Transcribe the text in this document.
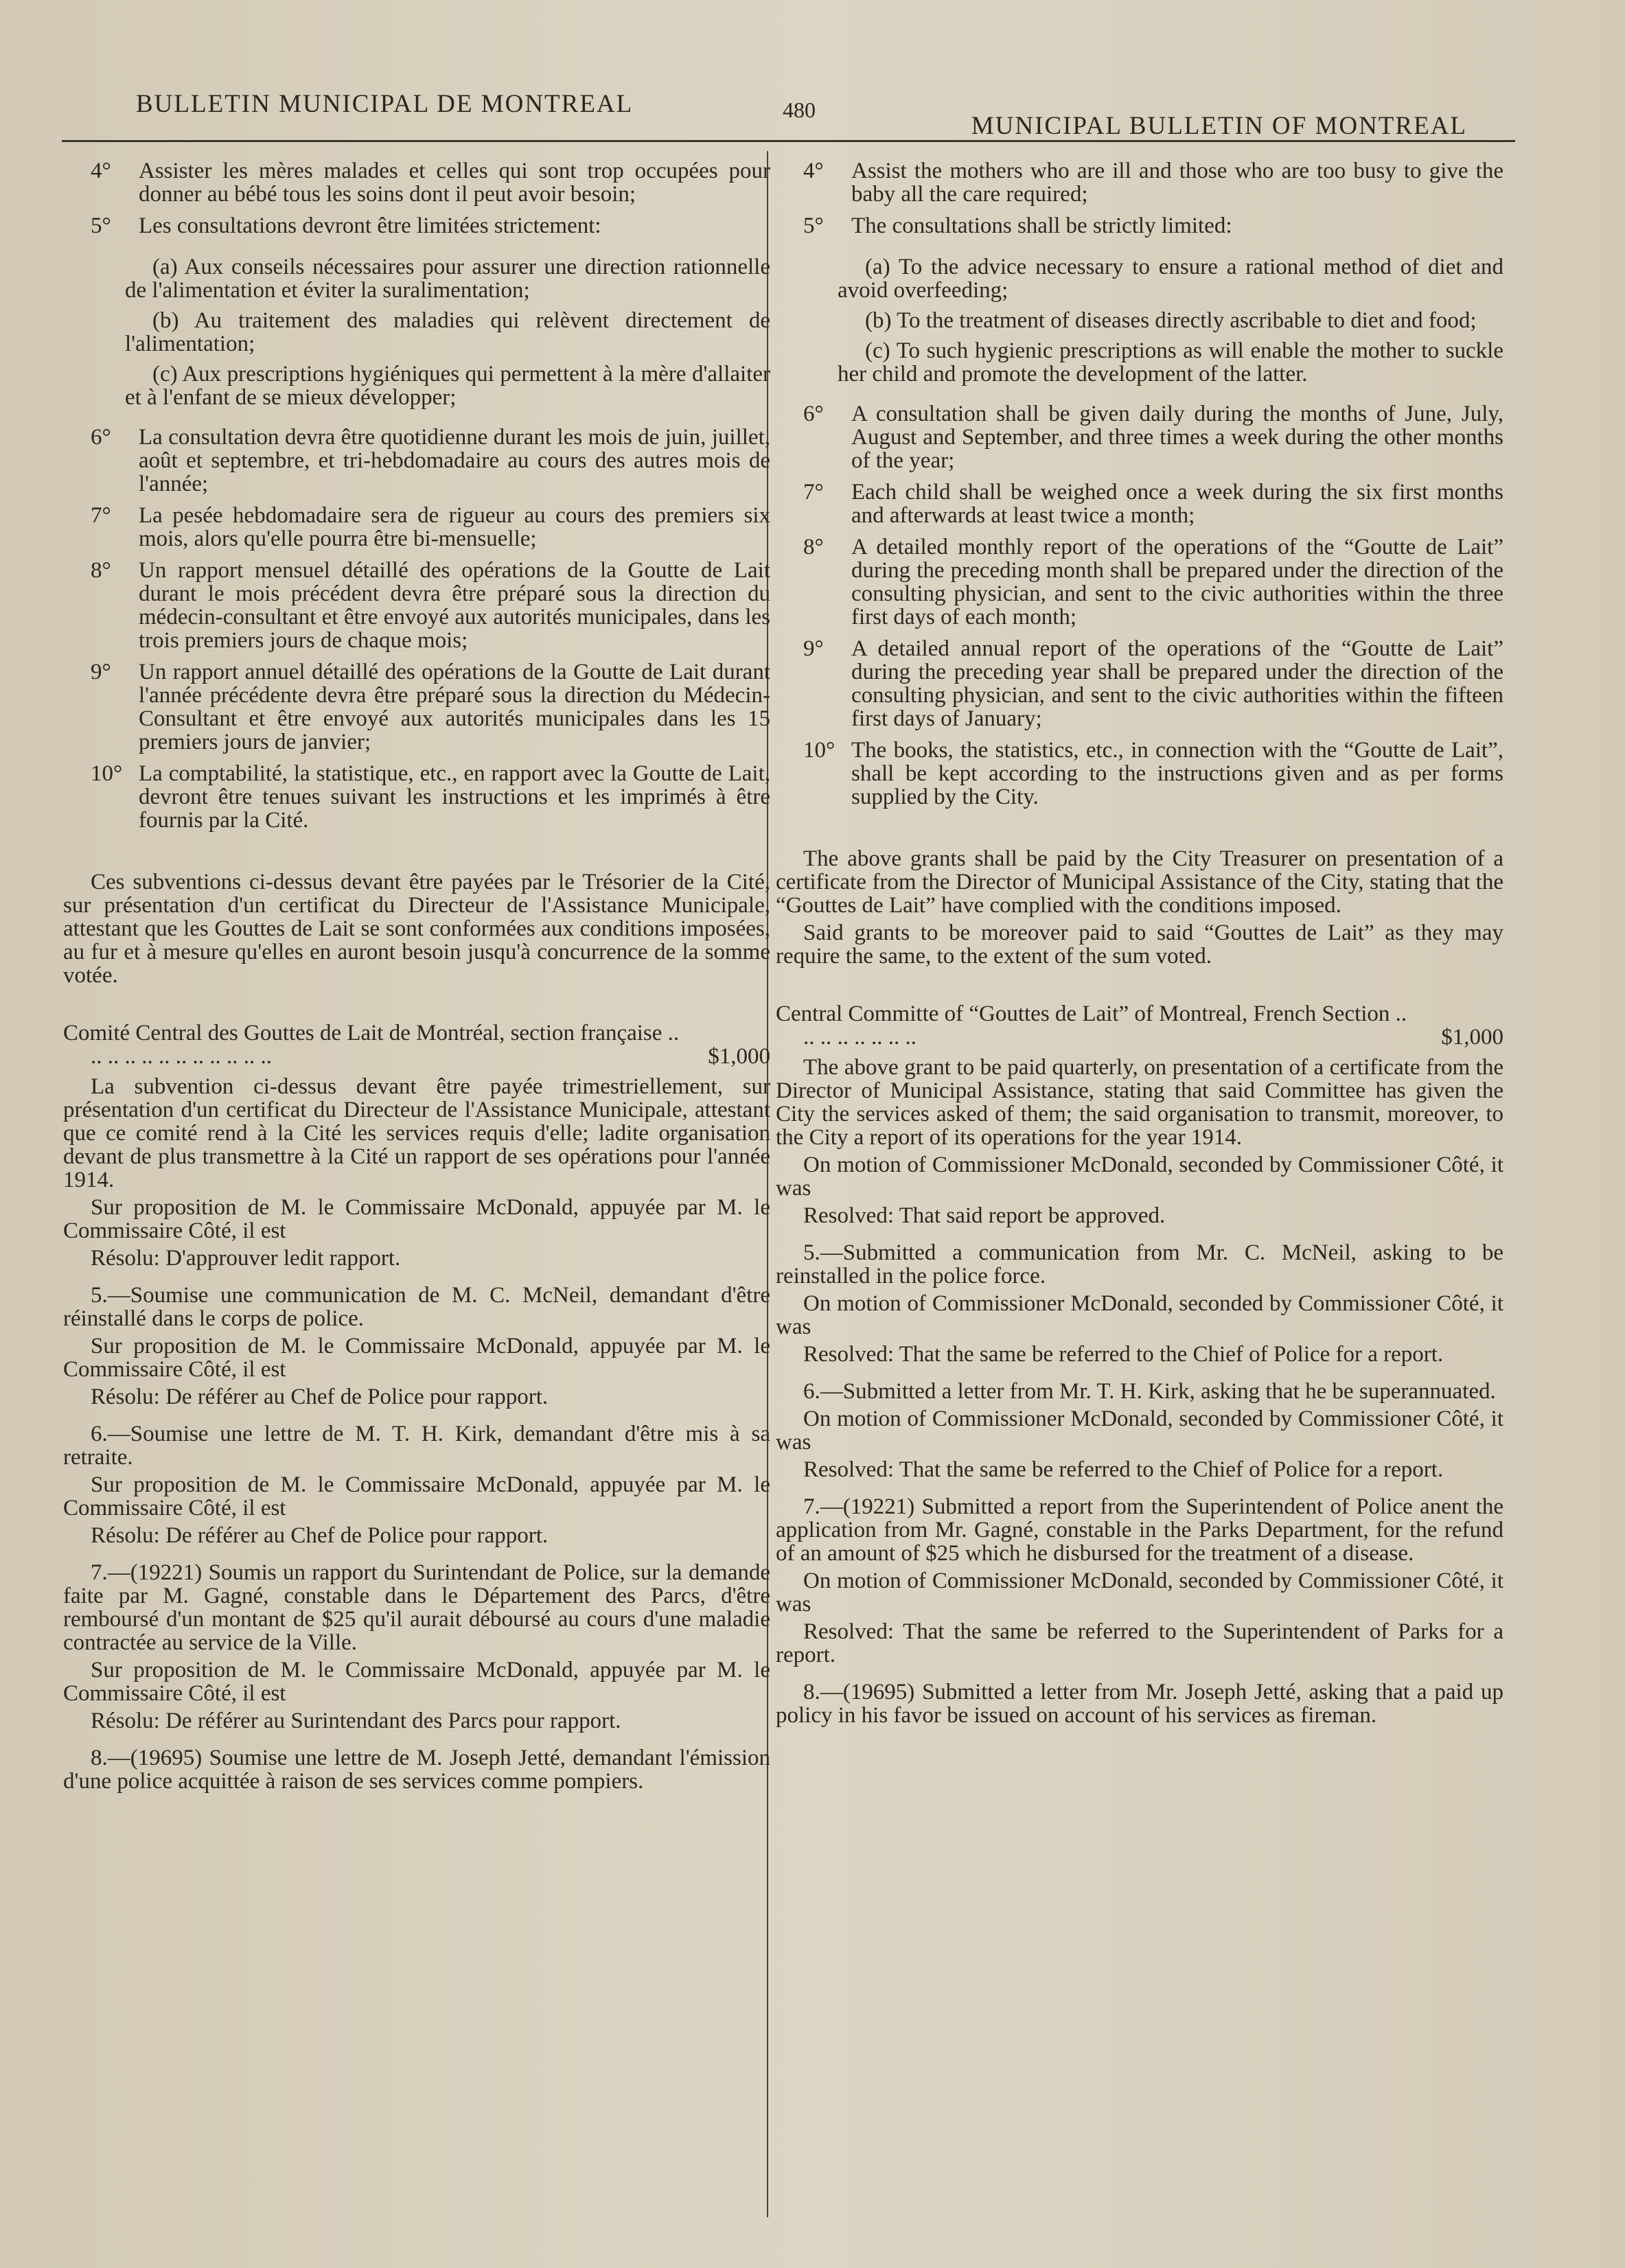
BULLETIN MUNICIPAL DE MONTREAL	480
MUNICIPAL BULLETIN OF MONTREAL
4° Assister les mères malades et celles qui sont trop occupées pour donner au bébé tous les soins dont il peut avoir besoin;

5° Les consultations devront être limitées strictement:

(a) Aux conseils nécessaires pour assurer une direction rationnelle de l'alimentation et éviter la suralimentation;

(b) Au traitement des maladies qui relèvent directement de l'alimentation;

(c) Aux prescriptions hygiéniques qui permettent à la mère d'allaiter et à l'enfant de se mieux développer;

6° La consultation devra être quotidienne durant les mois de juin, juillet, août et septembre, et tri-hebdomadaire au cours des autres mois de l'année;

7° La pesée hebdomadaire sera de rigueur au cours des premiers six mois, alors qu'elle pourra être bi-mensuelle;

8° Un rapport mensuel détaillé des opérations de la Goutte de Lait durant le mois précédent devra être préparé sous la direction du médecin-consultant et être envoyé aux autorités municipales, dans les trois premiers jours de chaque mois;

9° Un rapport annuel détaillé des opérations de la Goutte de Lait durant l'année précédente devra être préparé sous la direction du Médecin-Consultant et être envoyé aux autorités municipales dans les 15 premiers jours de janvier;

10° La comptabilité, la statistique, etc., en rapport avec la Goutte de Lait, devront être tenues suivant les instructions et les imprimés à être fournis par la Cité.

Ces subventions ci-dessus devant être payées par le Trésorier de la Cité, sur présentation d'un certificat du Directeur de l'Assistance Municipale, attestant que les Gouttes de Lait se sont conformées aux conditions imposées, au fur et à mesure qu'elles en auront besoin jusqu'à concurrence de la somme votée.

Comité Central des Gouttes de Lait de Montréal, section française .. .. .. .. .. .. .. .. .. .. .. ..	$1,000

La subvention ci-dessus devant être payée trimestriellement, sur présentation d'un certificat du Directeur de l'Assistance Municipale, attestant que ce comité rend à la Cité les services requis d'elle; ladite organisation devant de plus transmettre à la Cité un rapport de ses opérations pour l'année 1914.

Sur proposition de M. le Commissaire McDonald, appuyée par M. le Commissaire Côté, il est

Résolu: D'approuver ledit rapport.

5.—Soumise une communication de M. C. McNeil, demandant d'être réinstallé dans le corps de police.

Sur proposition de M. le Commissaire McDonald, appuyée par M. le Commissaire Côté, il est

Résolu: De référer au Chef de Police pour rapport.

6.—Soumise une lettre de M. T. H. Kirk, demandant d'être mis à sa retraite.

Sur proposition de M. le Commissaire McDonald, appuyée par M. le Commissaire Côté, il est

Résolu: De référer au Chef de Police pour rapport.

7.—(19221) Soumis un rapport du Surintendant de Police, sur la demande faite par M. Gagné, constable dans le Département des Parcs, d'être remboursé d'un montant de $25 qu'il aurait déboursé au cours d'une maladie contractée au service de la Ville.

Sur proposition de M. le Commissaire McDonald, appuyée par M. le Commissaire Côté, il est

Résolu: De référer au Surintendant des Parcs pour rapport.

8.—(19695) Soumise une lettre de M. Joseph Jetté, demandant l'émission d'une police acquittée à raison de ses services comme pompiers.

4° Assist the mothers who are ill and those who are too busy to give the baby all the care required;

5° The consultations shall be strictly limited:

(a) To the advice necessary to ensure a rational method of diet and avoid overfeeding;

(b) To the treatment of diseases directly ascribable to diet and food;

(c) To such hygienic prescriptions as will enable the mother to suckle her child and promote the development of the latter.

6° A consultation shall be given daily during the months of June, July, August and September, and three times a week during the other months of the year;

7° Each child shall be weighed once a week during the six first months and afterwards at least twice a month;

8° A detailed monthly report of the operations of the “Goutte de Lait” during the preceding month shall be prepared under the direction of the consulting physician, and sent to the civic authorities within the three first days of each month;

9° A detailed annual report of the operations of the “Goutte de Lait” during the preceding year shall be prepared under the direction of the consulting physician, and sent to the civic authorities within the fifteen first days of January;

10° The books, the statistics, etc., in connection with the “Goutte de Lait”, shall be kept according to the instructions given and as per forms supplied by the City.

The above grants shall be paid by the City Treasurer on presentation of a certificate from the Director of Municipal Assistance of the City, stating that the “Gouttes de Lait” have complied with the conditions imposed.

Said grants to be moreover paid to said “Gouttes de Lait” as they may require the same, to the extent of the sum voted.

Central Committe of “Gouttes de Lait” of Montreal, French Section .. .. .. .. .. .. .. ..	$1,000

The above grant to be paid quarterly, on presentation of a certificate from the Director of Municipal Assistance, stating that said Committee has given the City the services asked of them; the said organisation to transmit, moreover, to the City a report of its operations for the year 1914.

On motion of Commissioner McDonald, seconded by Commissioner Côté, it was

Resolved: That said report be approved.

5.—Submitted a communication from Mr. C. McNeil, asking to be reinstalled in the police force.

On motion of Commissioner McDonald, seconded by Commissioner Côté, it was

Resolved: That the same be referred to the Chief of Police for a report.

6.—Submitted a letter from Mr. T. H. Kirk, asking that he be superannuated.

On motion of Commissioner McDonald, seconded by Commissioner Côté, it was

Resolved: That the same be referred to the Chief of Police for a report.

7.—(19221) Submitted a report from the Superintendent of Police anent the application from Mr. Gagné, constable in the Parks Department, for the refund of an amount of $25 which he disbursed for the treatment of a disease.

On motion of Commissioner McDonald, seconded by Commissioner Côté, it was

Resolved: That the same be referred to the Superintendent of Parks for a report.

8.—(19695) Submitted a letter from Mr. Joseph Jetté, asking that a paid up policy in his favor be issued on account of his services as fireman.
